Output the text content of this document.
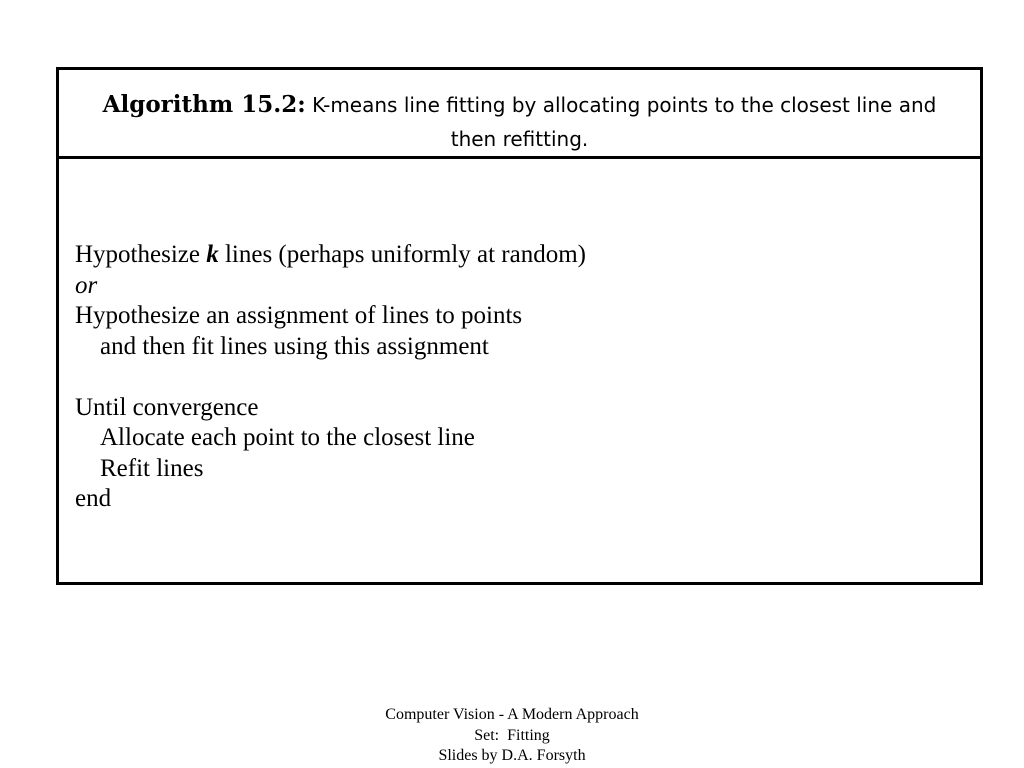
Algorithm 15.2: K-means line fitting by allocating points to the closest line and then refitting.
Hypothesize k lines (perhaps uniformly at random)
or
Hypothesize an assignment of lines to points
and then fit lines using this assignment
Until convergence
Allocate each point to the closest line
Refit lines
end
Computer Vision - A Modern Approach
Set:  Fitting
Slides by D.A. Forsyth
